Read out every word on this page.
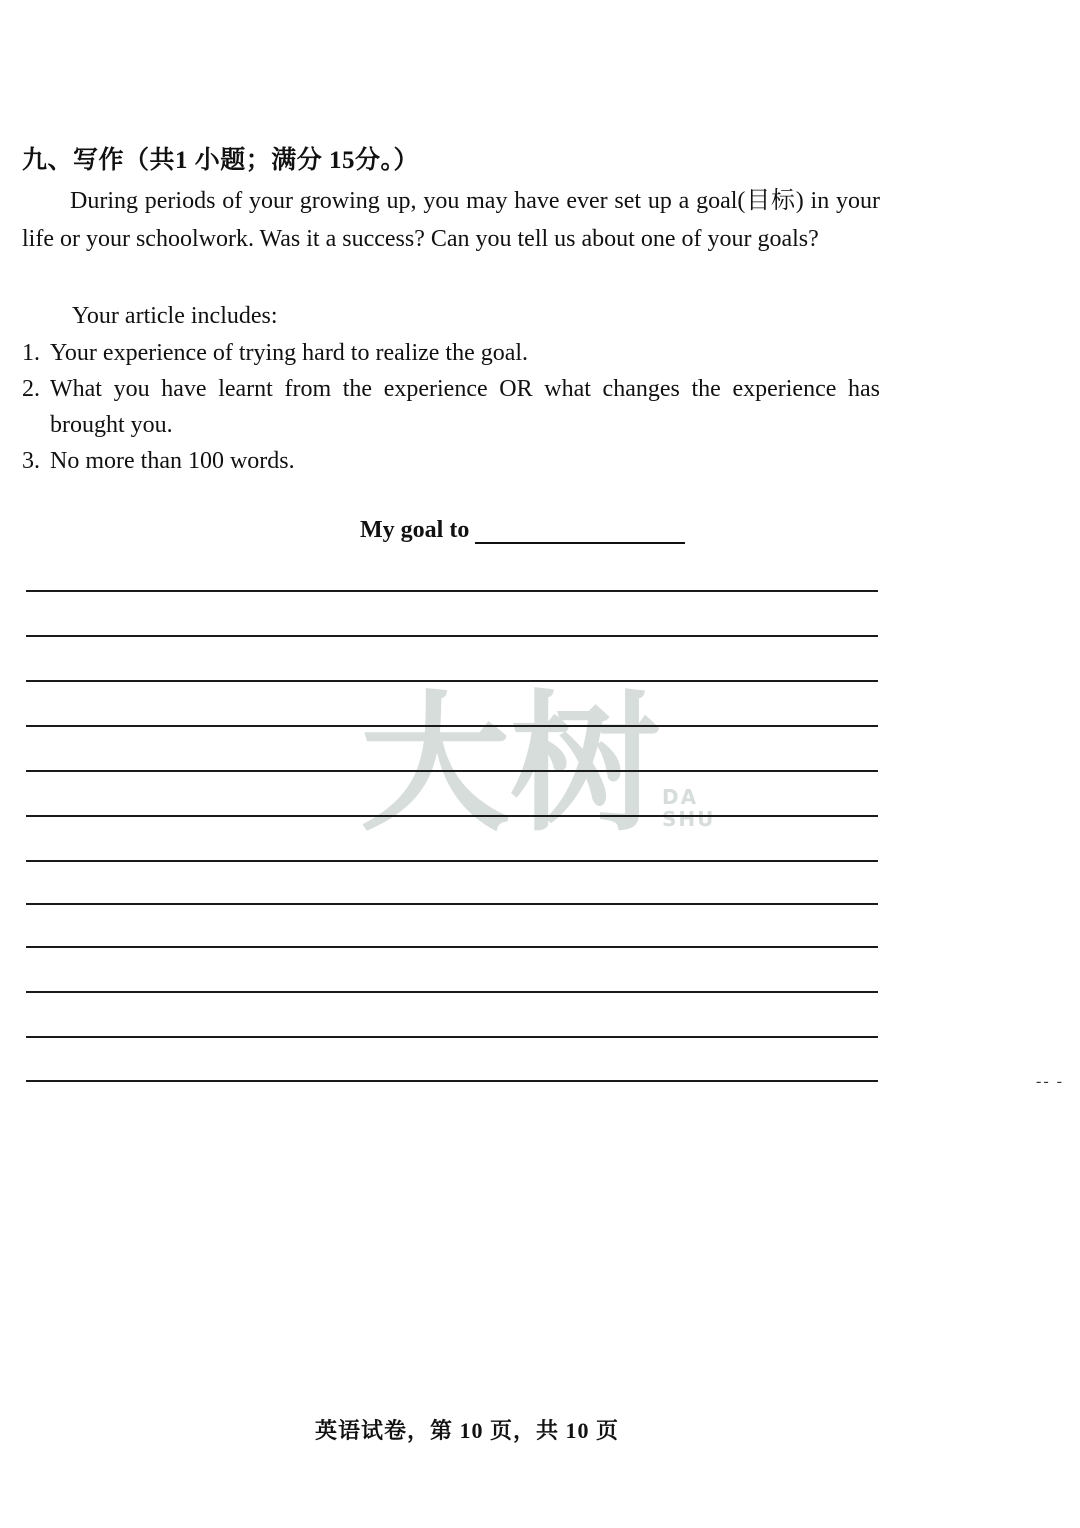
九、写作（共1 小题；满分 15分。）

During periods of your growing up, you may have ever set up a goal(目标) in your life or your schoolwork. Was it a success? Can you tell us about one of your goals?

Your article includes:
1. Your experience of trying hard to realize the goal.
2. What you have learnt from the experience OR what changes the experience has brought you.
3. No more than 100 words.
My goal to
大树 DA
SHU
-- -
英语试卷，第 10 页，共 10 页
